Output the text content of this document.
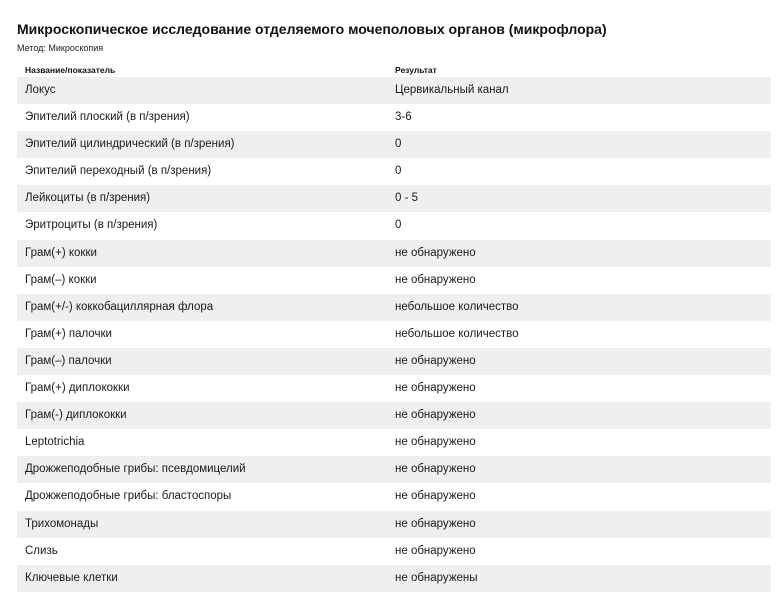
Микроскопическое исследование отделяемого мочеполовых органов (микрофлора)
Метод: Микроскопия
Название/показатель	Результат
Локус	Цервикальный канал
Эпителий плоский (в п/зрения)	3-6
Эпителий цилиндрический (в п/зрения)	0
Эпителий переходный (в п/зрения)	0
Лейкоциты (в п/зрения)	0 - 5
Эритроциты (в п/зрения)	0
Грам(+) кокки	не обнаружено
Грам(–) кокки	не обнаружено
Грам(+/-) коккобациллярная флора	небольшое количество
Грам(+) палочки	небольшое количество
Грам(–) палочки	не обнаружено
Грам(+) диплококки	не обнаружено
Грам(-) диплококки	не обнаружено
Leptotrichia	не обнаружено
Дрожжеподобные грибы: псевдомицелий	не обнаружено
Дрожжеподобные грибы: бластоспоры	не обнаружено
Трихомонады	не обнаружено
Слизь	не обнаружено
Ключевые клетки	не обнаружены
